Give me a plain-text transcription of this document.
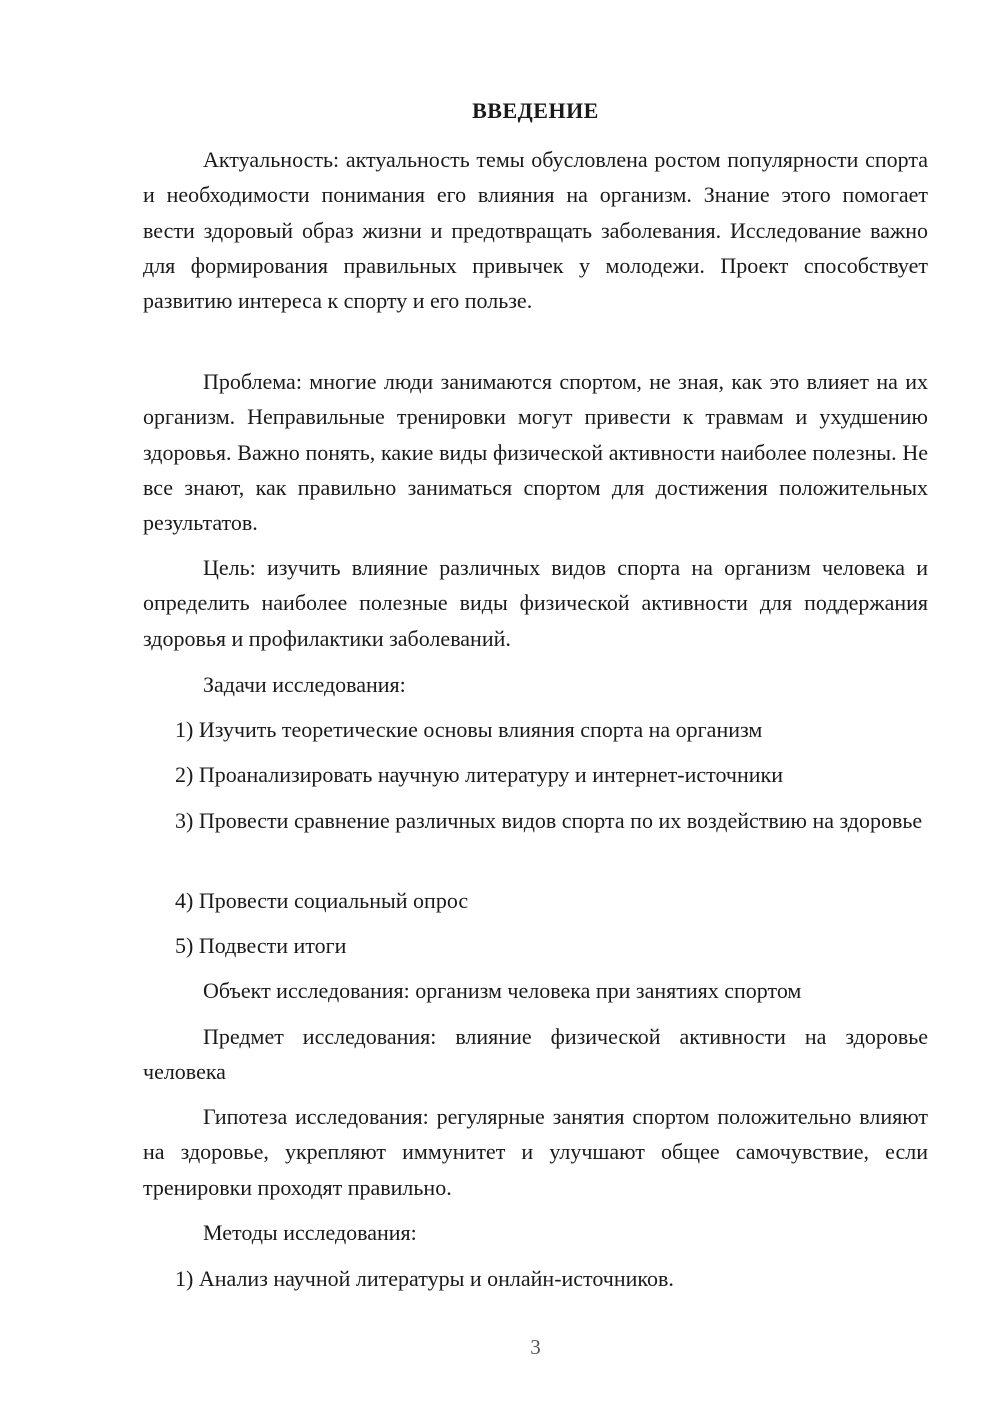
ВВЕДЕНИЕ

Актуальность: актуальность темы обусловлена ростом популярности спорта и необходимости понимания его влияния на организм. Знание этого помогает вести здоровый образ жизни и предотвращать заболевания. Исследование важно для формирования правильных привычек у молодежи. Проект способствует развитию интереса к спорту и его пользе.

Проблема: многие люди занимаются спортом, не зная, как это влияет на их организм. Неправильные тренировки могут привести к травмам и ухудшению здоровья. Важно понять, какие виды физической активности наиболее полезны. Не все знают, как правильно заниматься спортом для достижения положительных результатов.

Цель: изучить влияние различных видов спорта на организм человека и определить наиболее полезные виды физической активности для поддержания здоровья и профилактики заболеваний.

Задачи исследования:

1) Изучить теоретические основы влияния спорта на организм

2) Проанализировать научную литературу и интернет-источники

3) Провести сравнение различных видов спорта по их воздействию на здоровье

4) Провести социальный опрос

5) Подвести итоги

Объект исследования: организм человека при занятиях спортом

Предмет исследования: влияние физической активности на здоровье человека

Гипотеза исследования: регулярные занятия спортом положительно влияют на здоровье, укрепляют иммунитет и улучшают общее самочувствие, если тренировки проходят правильно.

Методы исследования:

1) Анализ научной литературы и онлайн-источников.

3
